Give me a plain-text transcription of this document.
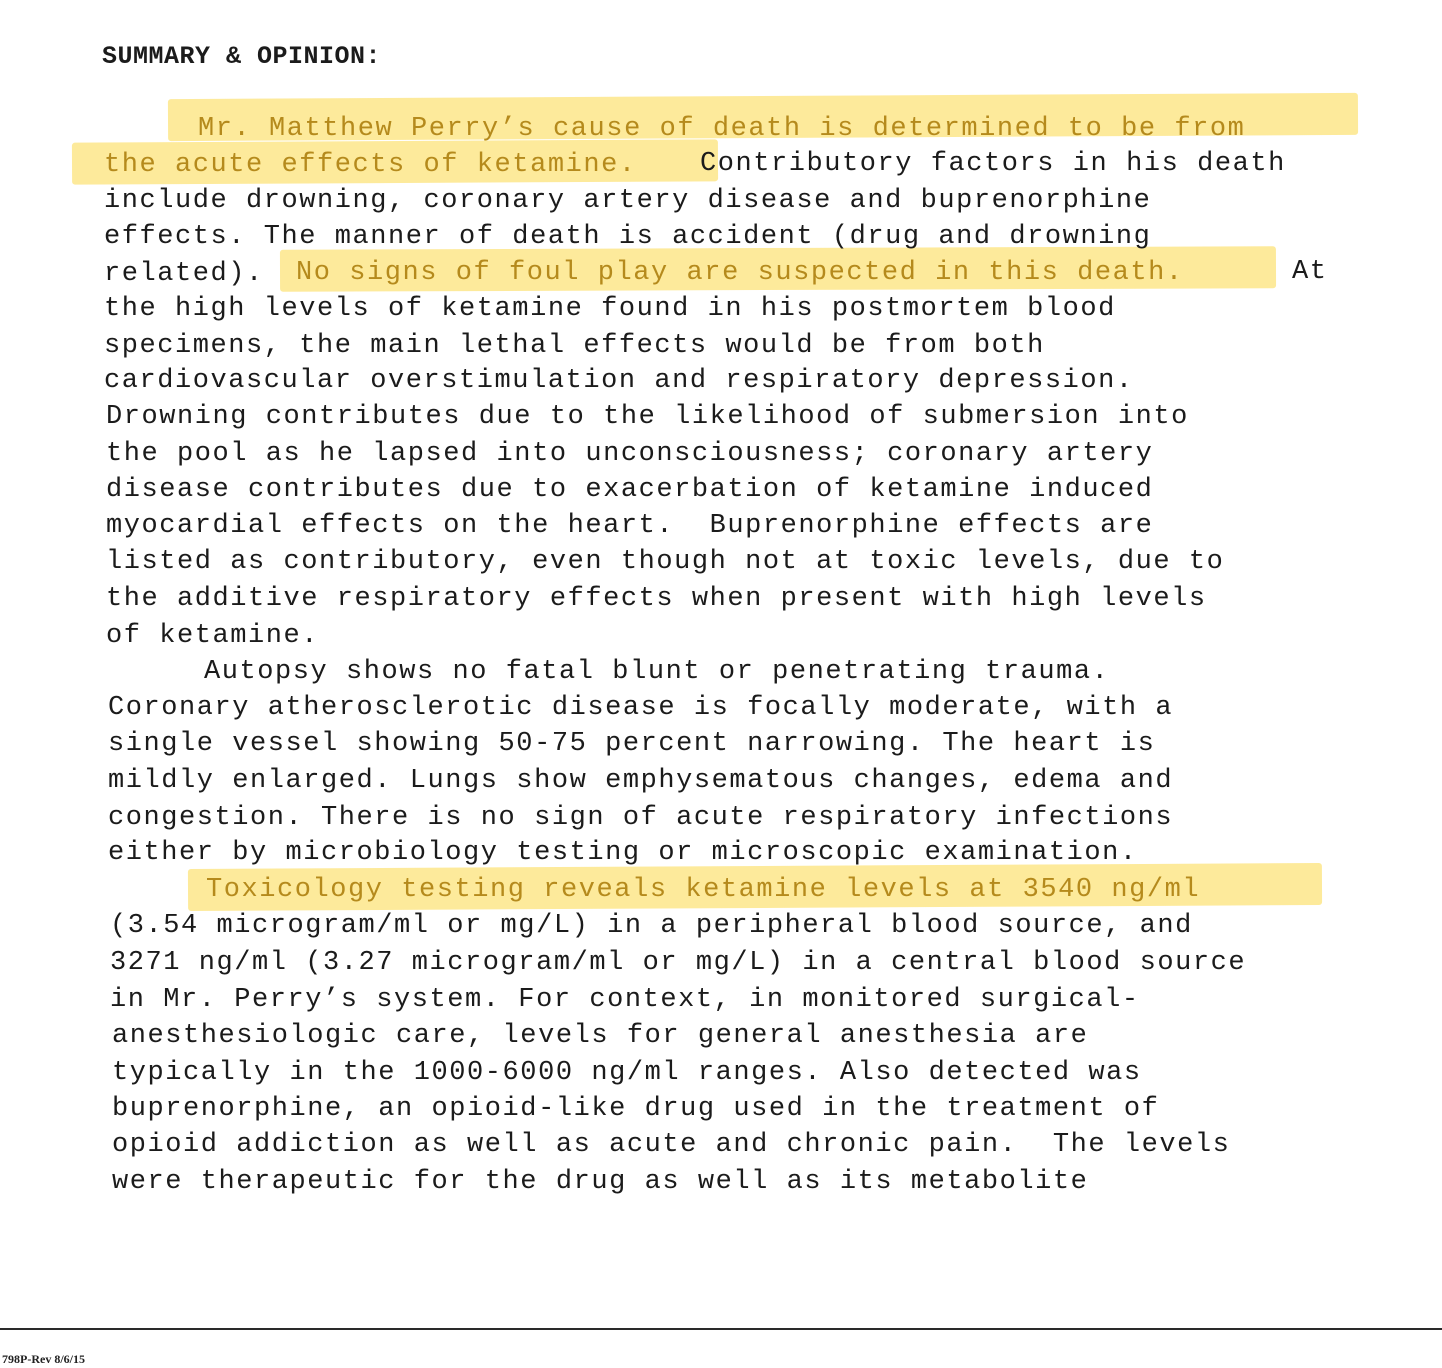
SUMMARY & OPINION:

Mr. Matthew Perry’s cause of death is determined to be from

the acute effects of ketamine.

Contributory factors in his death

include drowning, coronary artery disease and buprenorphine

effects. The manner of death is accident (drug and drowning

related).

No signs of foul play are suspected in this death.

	At

the high levels of ketamine found in his postmortem blood

specimens, the main lethal effects would be from both

cardiovascular overstimulation and respiratory depression.

Drowning contributes due to the likelihood of submersion into

the pool as he lapsed into unconsciousness; coronary artery

disease contributes due to exacerbation of ketamine induced

myocardial effects on the heart.  Buprenorphine effects are

listed as contributory, even though not at toxic levels, due to

the additive respiratory effects when present with high levels

of ketamine.

Autopsy shows no fatal blunt or penetrating trauma.

Coronary atherosclerotic disease is focally moderate, with a

single vessel showing 50-75 percent narrowing. The heart is

mildly enlarged. Lungs show emphysematous changes, edema and

congestion. There is no sign of acute respiratory infections

either by microbiology testing or microscopic examination.

Toxicology testing reveals ketamine levels at 3540 ng/ml

(3.54 microgram/ml or mg/L) in a peripheral blood source, and

3271 ng/ml (3.27 microgram/ml or mg/L) in a central blood source

in Mr. Perry’s system. For context, in monitored surgical-

anesthesiologic care, levels for general anesthesia are

typically in the 1000-6000 ng/ml ranges. Also detected was

buprenorphine, an opioid-like drug used in the treatment of

opioid addiction as well as acute and chronic pain.  The levels

were therapeutic for the drug as well as its metabolite

798P-Rev 8/6/15
